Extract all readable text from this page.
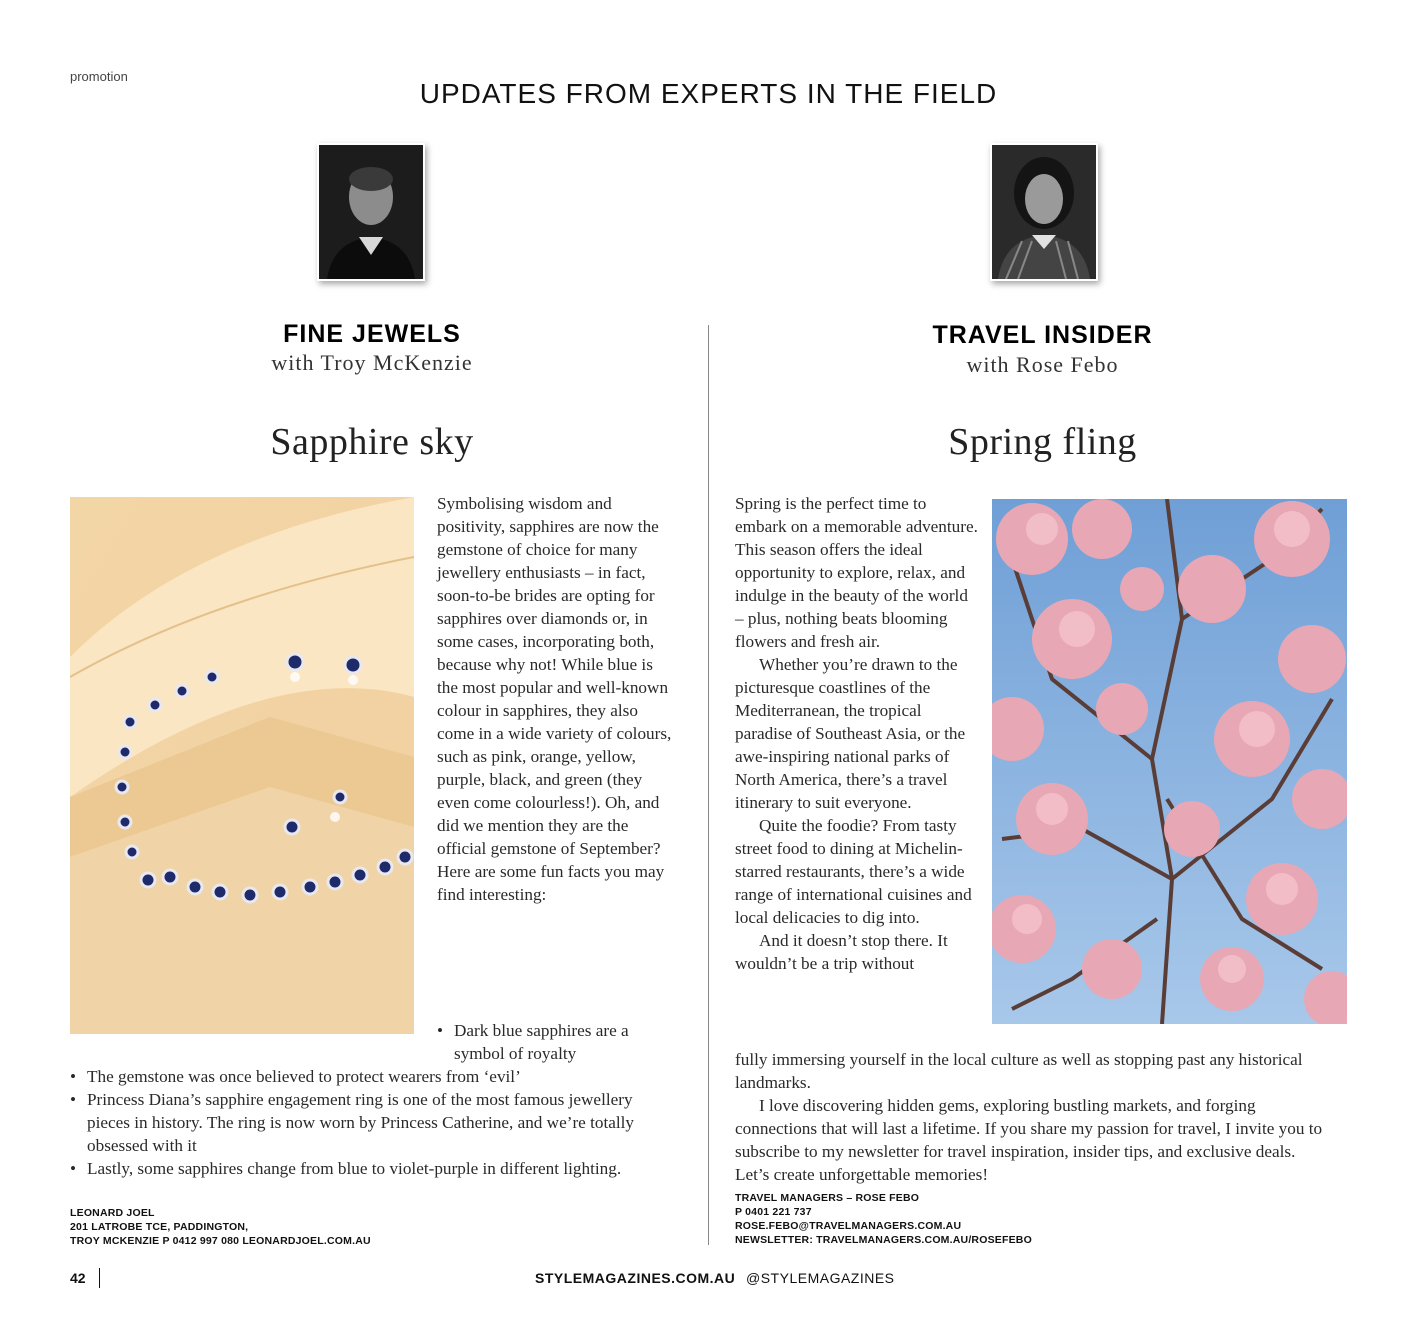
promotion
UPDATES FROM EXPERTS IN THE FIELD
FINE JEWELS
with Troy McKenzie
Sapphire sky
TRAVEL INSIDER
with Rose Febo
Spring fling
Symbolising wisdom and positivity, sapphires are now the gemstone of choice for many jewellery enthusiasts – in fact, soon-to-be brides are opting for sapphires over diamonds or, in some cases, incorporating both, because why not! While blue is the most popular and well-known colour in sapphires, they also come in a wide variety of colours, such as pink, orange, yellow, purple, black, and green (they even come colourless!). Oh, and did we mention they are the official gemstone of September? Here are some fun facts you may find interesting:
• Dark blue sapphires are a symbol of royalty
• The gemstone was once believed to protect wearers from ‘evil’
• Princess Diana’s sapphire engagement ring is one of the most famous jewellery pieces in history. The ring is now worn by Princess Catherine, and we’re totally obsessed with it
• Lastly, some sapphires change from blue to violet-purple in different lighting.
LEONARD JOEL
201 LATROBE TCE, PADDINGTON,
TROY MCKENZIE P 0412 997 080 LEONARDJOEL.COM.AU

Spring is the perfect time to embark on a memorable adventure. This season offers the ideal opportunity to explore, relax, and indulge in the beauty of the world – plus, nothing beats blooming flowers and fresh air.

Whether you’re drawn to the picturesque coastlines of the Mediterranean, the tropical paradise of Southeast Asia, or the awe-inspiring national parks of North America, there’s a travel itinerary to suit everyone.

Quite the foodie? From tasty street food to dining at Michelin-starred restaurants, there’s a wide range of international cuisines and local delicacies to dig into.

And it doesn’t stop there. It wouldn’t be a trip without

fully immersing yourself in the local culture as well as stopping past any historical landmarks.

I love discovering hidden gems, exploring bustling markets, and forging connections that will last a lifetime. If you share my passion for travel, I invite you to subscribe to my newsletter for travel inspiration, insider tips, and exclusive deals. Let’s create unforgettable memories!

TRAVEL MANAGERS – ROSE FEBO
P 0401 221 737
ROSE.FEBO@TRAVELMANAGERS.COM.AU
NEWSLETTER: TRAVELMANAGERS.COM.AU/ROSEFEBO
42	STYLEMAGAZINES.COM.AU @STYLEMAGAZINES
